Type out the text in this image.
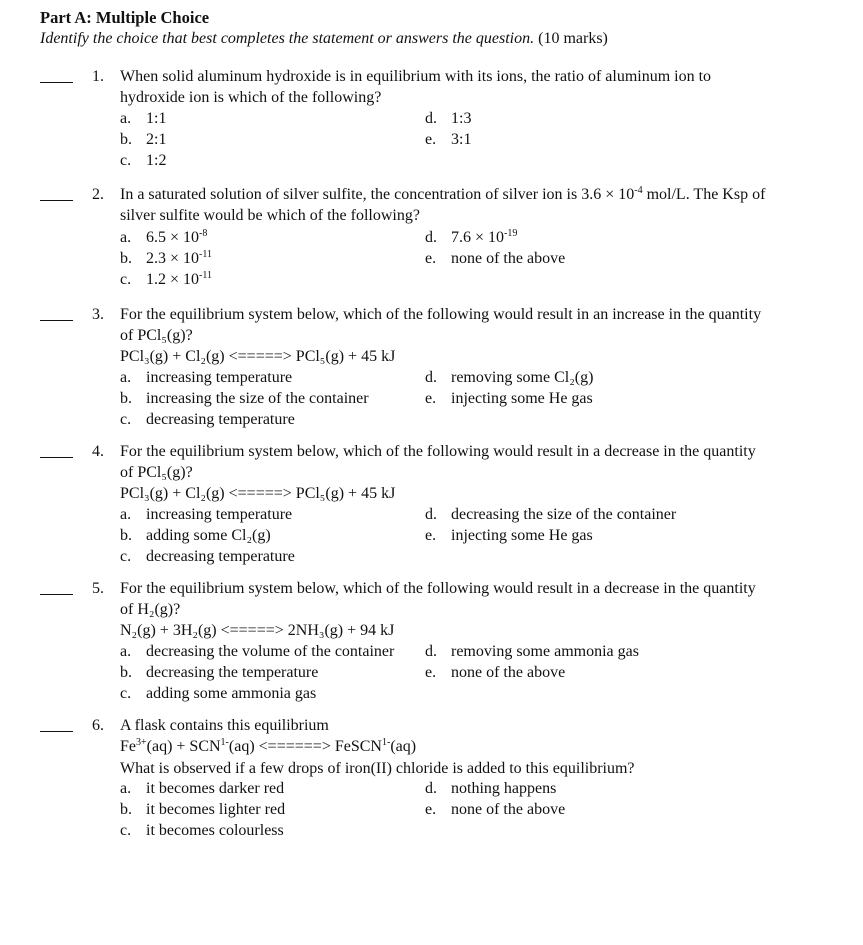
Part A: Multiple Choice
Identify the choice that best completes the statement or answers the question. (10 marks)
1. When solid aluminum hydroxide is in equilibrium with its ions, the ratio of aluminum ion to
hydroxide ion is which of the following?
a. 1:1
b. 2:1
c. 1:2
d. 1:3
e. 3:1
2. In a saturated solution of silver sulfite, the concentration of silver ion is $3.6 \times 10^{-4}$ mol/L. The Ksp of
silver sulfite would be which of the following?
a. $6.5 \times 10^{-8}$
b. $2.3 \times 10^{-11}$
c. $1.2 \times 10^{-11}$
d. $7.6 \times 10^{-19}$
e. none of the above
3. For the equilibrium system below, which of the following would result in an increase in the quantity
of PCl₅(g)?
PCl₃(g) + Cl₂(g) <=====> PCl₅(g) + 45 kJ
a. increasing temperature
b. increasing the size of the container
c. decreasing temperature
d. removing some Cl₂(g)
e. injecting some He gas
4. For the equilibrium system below, which of the following would result in a decrease in the quantity
of PCl₅(g)?
PCl₃(g) + Cl₂(g) <=====> PCl₅(g) + 45 kJ
a. increasing temperature
b. adding some Cl₂(g)
c. decreasing temperature
d. decreasing the size of the container
e. injecting some He gas
5. For the equilibrium system below, which of the following would result in a decrease in the quantity
of H₂(g)?
N₂(g) + 3H₂(g) <=====> 2NH₃(g) + 94 kJ
a. decreasing the volume of the container
b. decreasing the temperature
c. adding some ammonia gas
d. removing some ammonia gas
e. none of the above
6. A flask contains this equilibrium
$Fe^{3+}(aq) + SCN^{1-}(aq)$ <======> FeSCN$^{1-}$(aq)
What is observed if a few drops of iron(II) chloride is added to this equilibrium?
a. it becomes darker red
b. it becomes lighter red
c. it becomes colourless
d. nothing happens
e. none of the above
